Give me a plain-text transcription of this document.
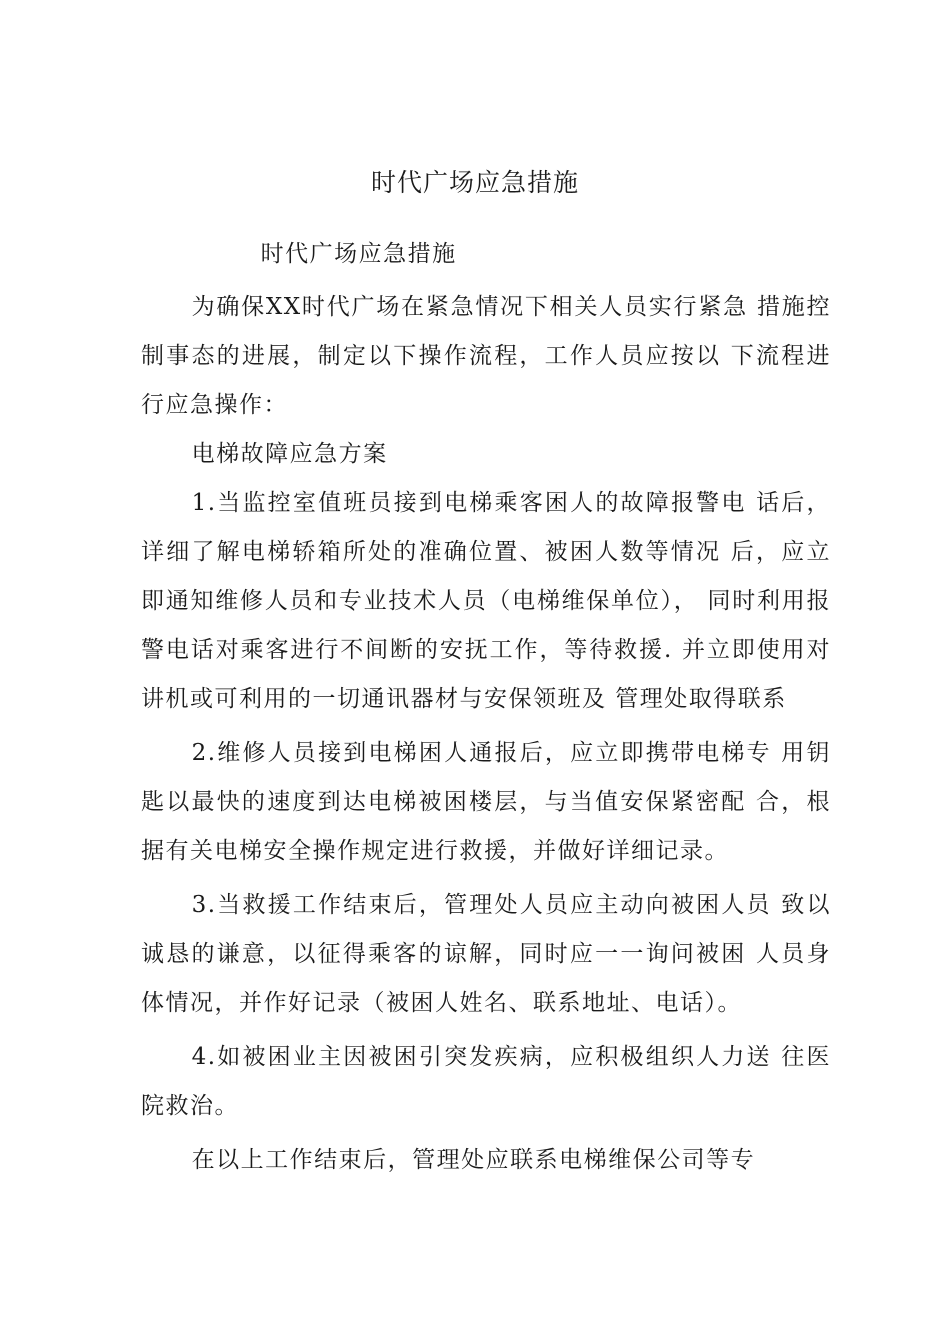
时代广场应急措施

时代广场应急措施

为确保XX时代广场在紧急情况下相关人员实行紧急 措施控制事态的进展，制定以下操作流程，工作人员应按以 下流程进行应急操作：

电梯故障应急方案

1.当监控室值班员接到电梯乘客困人的故障报警电 话后，详细了解电梯轿箱所处的准确位置、被困人数等情况 后，应立即通知维修人员和专业技术人员（电梯维保单位）， 同时利用报警电话对乘客进行不间断的安抚工作，等待救援. 并立即使用对讲机或可利用的一切通讯器材与安保领班及 管理处取得联系

2.维修人员接到电梯困人通报后，应立即携带电梯专 用钥匙以最快的速度到达电梯被困楼层，与当值安保紧密配 合，根据有关电梯安全操作规定进行救援，并做好详细记录。

3.当救援工作结束后，管理处人员应主动向被困人员 致以诚恳的谦意，以征得乘客的谅解，同时应一一询问被困 人员身体情况，并作好记录（被困人姓名、联系地址、电话）。

4.如被困业主因被困引突发疾病，应积极组织人力送 往医院救治。

在以上工作结束后，管理处应联系电梯维保公司等专
